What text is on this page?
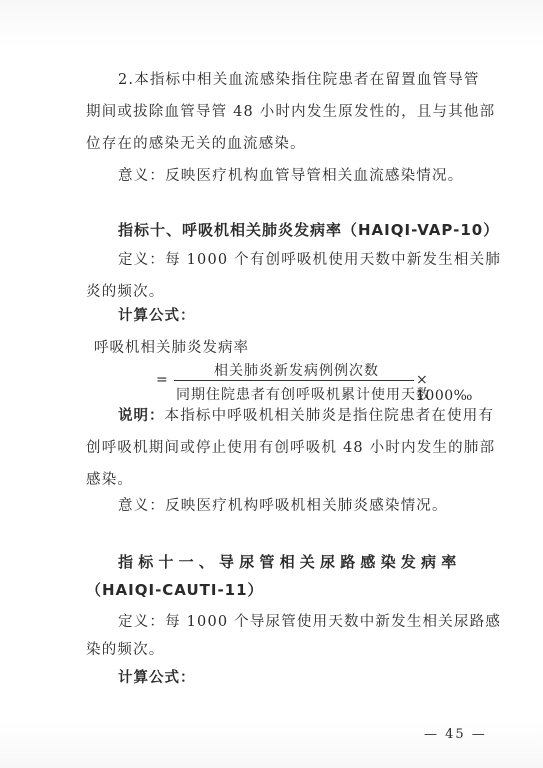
2.本指标中相关血流感染指住院患者在留置血管导管
期间或拔除血管导管 48 小时内发生原发性的，且与其他部
位存在的感染无关的血流感染。
意义：反映医疗机构血管导管相关血流感染情况。
指标十、呼吸机相关肺炎发病率（HAIQI-VAP-10）
定义：每 1000 个有创呼吸机使用天数中新发生相关肺
炎的频次。
计算公式：
呼吸机相关肺炎发病率
=
相关肺炎新发病例例次数
同期住院患者有创呼吸机累计使用天数
× 1000‰
说明：本指标中呼吸机相关肺炎是指住院患者在使用有
创呼吸机期间或停止使用有创呼吸机 48 小时内发生的肺部
感染。
意义：反映医疗机构呼吸机相关肺炎感染情况。
指标十一、导尿管相关尿路感染发病率
（HAIQI-CAUTI-11）
定义：每 1000 个导尿管使用天数中新发生相关尿路感
染的频次。
计算公式：
— 45 —
